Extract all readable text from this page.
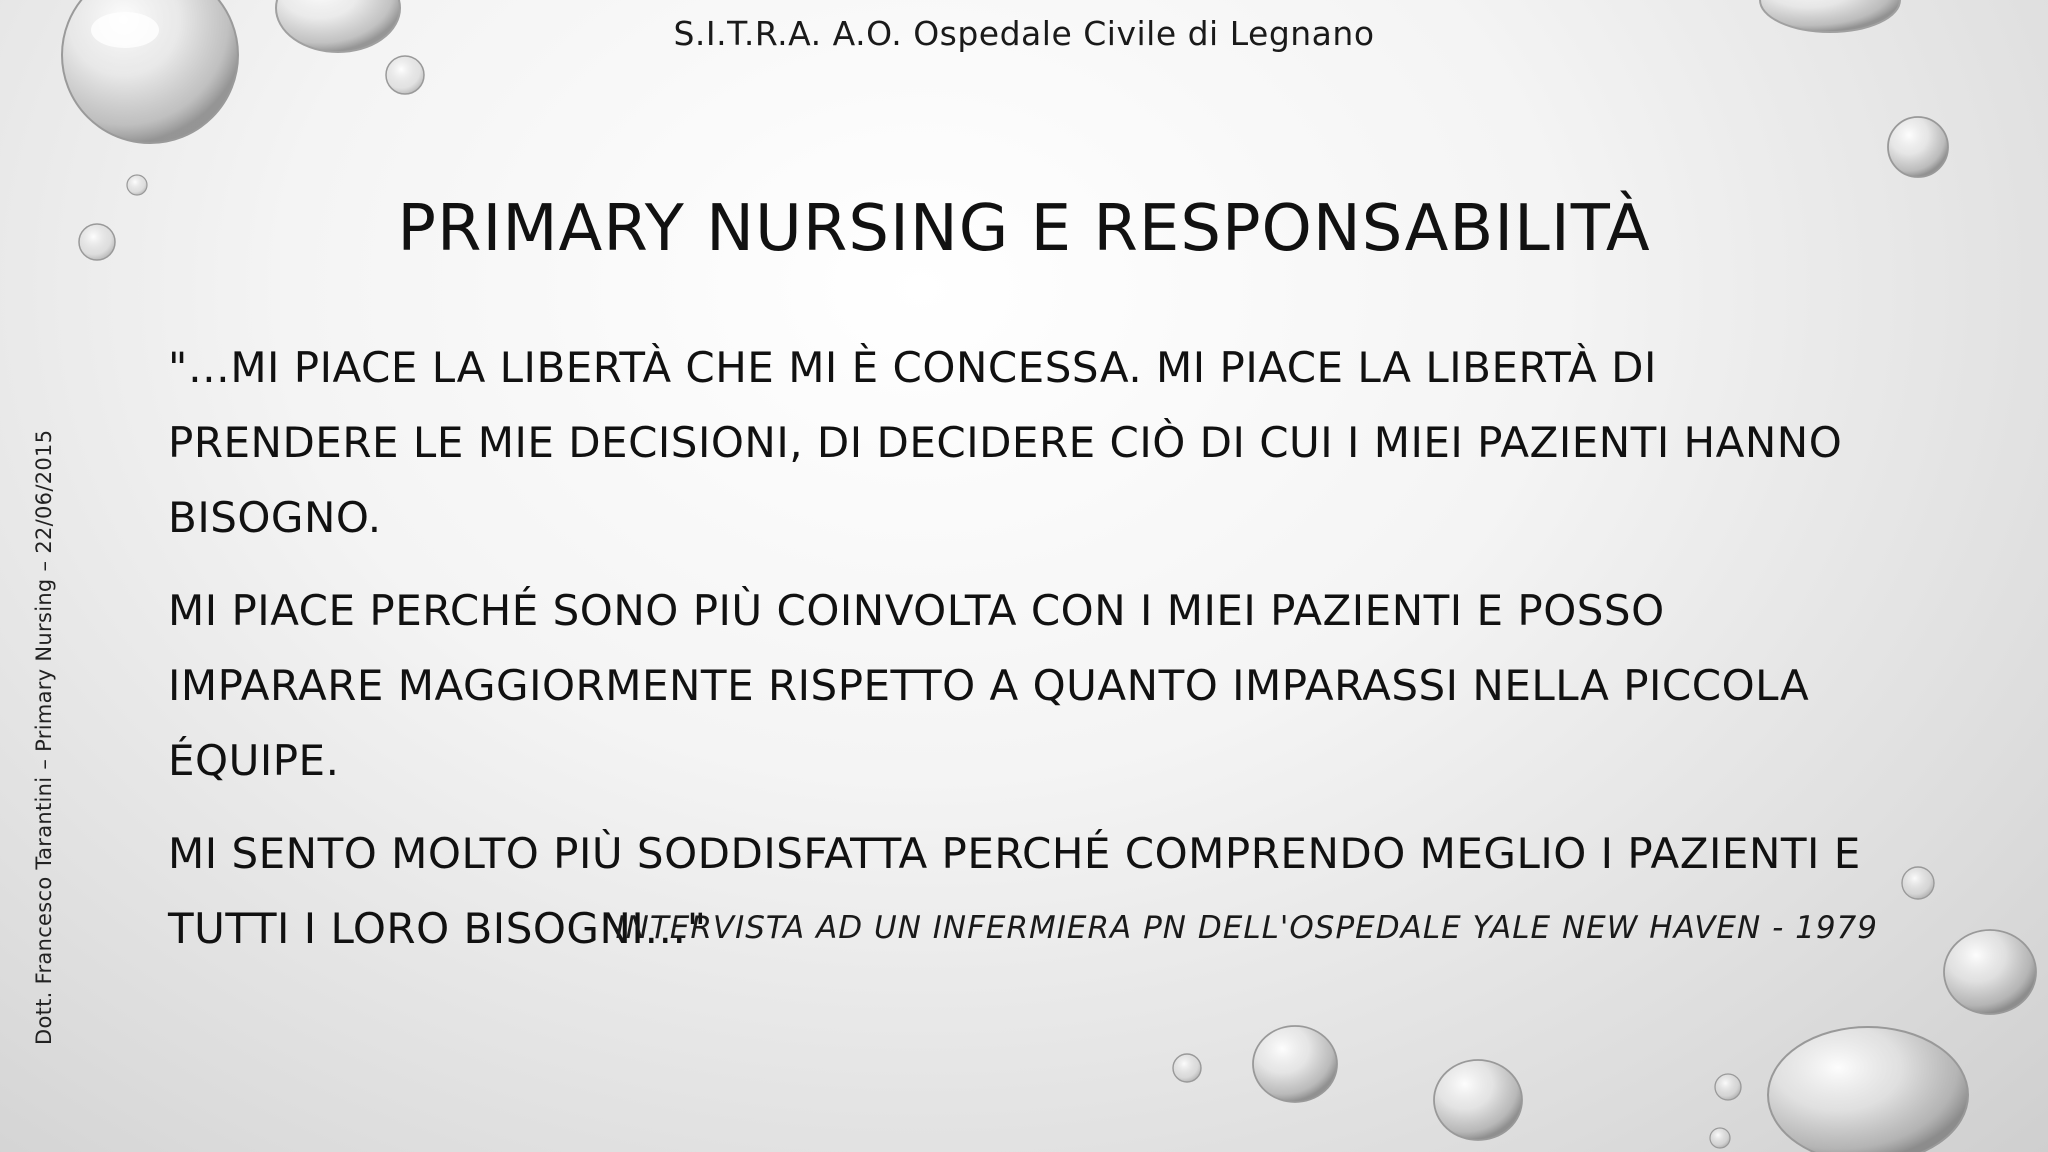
S.I.T.R.A. A.O. Ospedale Civile di Legnano
PRIMARY NURSING E RESPONSABILITÀ
Dott. Francesco Tarantini – Primary Nursing – 22/06/2015

"…MI PIACE LA LIBERTÀ CHE MI È CONCESSA. MI PIACE LA LIBERTÀ DI PRENDERE LE MIE DECISIONI, DI DECIDERE CIÒ DI CUI I MIEI PAZIENTI HANNO BISOGNO.

MI PIACE PERCHÉ SONO PIÙ COINVOLTA CON I MIEI PAZIENTI E POSSO IMPARARE MAGGIORMENTE RISPETTO A QUANTO IMPARASSI NELLA PICCOLA ÉQUIPE.

MI SENTO MOLTO PIÙ SODDISFATTA PERCHÉ COMPRENDO MEGLIO I PAZIENTI E TUTTI I LORO BISOGNI…"

INTERVISTA AD UN INFERMIERA PN DELL'OSPEDALE YALE NEW HAVEN - 1979
